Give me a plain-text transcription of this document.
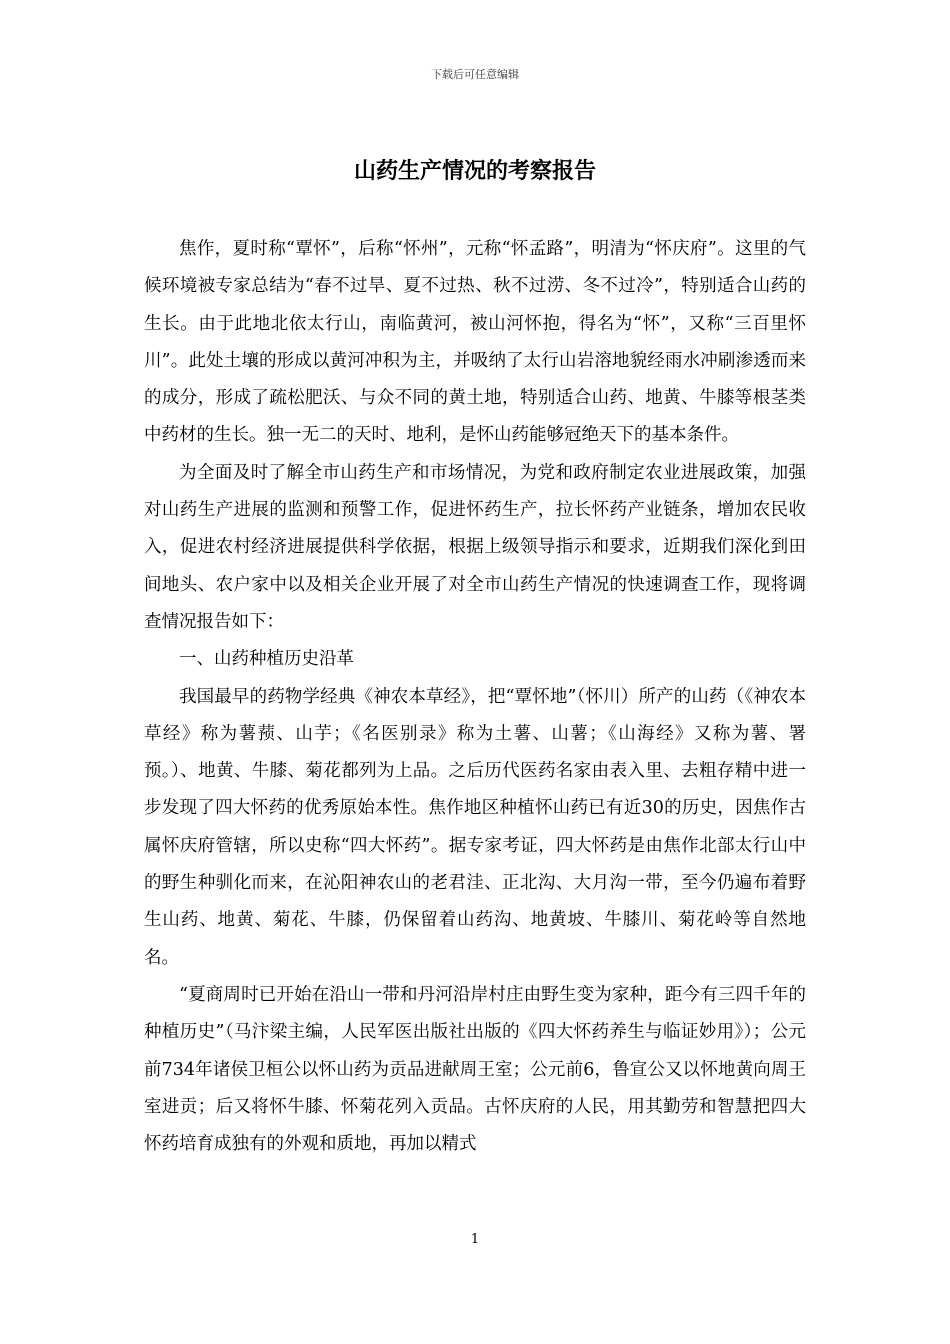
下载后可任意编辑
山药生产情况的考察报告

焦作，夏时称“覃怀”，后称“怀州”，元称“怀孟路”，明清为“怀庆府”。这里的气候环境被专家总结为“春不过旱、夏不过热、秋不过涝、冬不过冷”，特别适合山药的生长。由于此地北依太行山，南临黄河，被山河怀抱，得名为“怀”，又称“三百里怀川”。此处土壤的形成以黄河冲积为主，并吸纳了太行山岩溶地貌经雨水冲刷渗透而来的成分，形成了疏松肥沃、与众不同的黄土地，特别适合山药、地黄、牛膝等根茎类中药材的生长。独一无二的天时、地利，是怀山药能够冠绝天下的基本条件。

为全面及时了解全市山药生产和市场情况，为党和政府制定农业进展政策，加强对山药生产进展的监测和预警工作，促进怀药生产，拉长怀药产业链条，增加农民收入，促进农村经济进展提供科学依据，根据上级领导指示和要求，近期我们深化到田间地头、农户家中以及相关企业开展了对全市山药生产情况的快速调查工作，现将调查情况报告如下：

一、山药种植历史沿革

我国最早的药物学经典《神农本草经》，把“覃怀地”（怀川）所产的山药（《神农本草经》称为薯蓣、山芋；《名医别录》称为土薯、山薯；《山海经》又称为薯、署预。）、地黄、牛膝、菊花都列为上品。之后历代医药名家由表入里、去粗存精中进一步发现了四大怀药的优秀原始本性。焦作地区种植怀山药已有近30的历史，因焦作古属怀庆府管辖，所以史称“四大怀药”。据专家考证，四大怀药是由焦作北部太行山中的野生种驯化而来，在沁阳神农山的老君洼、正北沟、大月沟一带，至今仍遍布着野生山药、地黄、菊花、牛膝，仍保留着山药沟、地黄坡、牛膝川、菊花岭等自然地名。

“夏商周时已开始在沿山一带和丹河沿岸村庄由野生变为家种，距今有三四千年的种植历史”（马汴梁主编，人民军医出版社出版的《四大怀药养生与临证妙用》）；公元前734年诸侯卫桓公以怀山药为贡品进献周王室；公元前6，鲁宣公又以怀地黄向周王室进贡；后又将怀牛膝、怀菊花列入贡品。古怀庆府的人民，用其勤劳和智慧把四大怀药培育成独有的外观和质地，再加以精式

1
